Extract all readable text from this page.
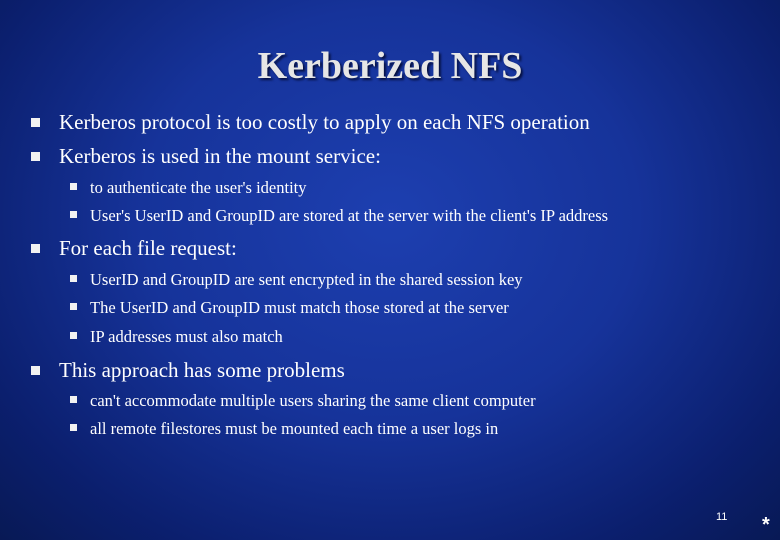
Kerberized NFS
Kerberos protocol is too costly to apply on each NFS operation
Kerberos is used in the mount service:
to authenticate the user's identity
User's UserID and GroupID are stored at the server with the client's IP address
For each file request:
UserID and GroupID are sent encrypted in the shared session key
The UserID and GroupID must match those stored at the server
IP addresses must also match
This approach has some problems
can't accommodate multiple users sharing the same client computer
all remote filestores must be mounted each time a user logs in
11 *
